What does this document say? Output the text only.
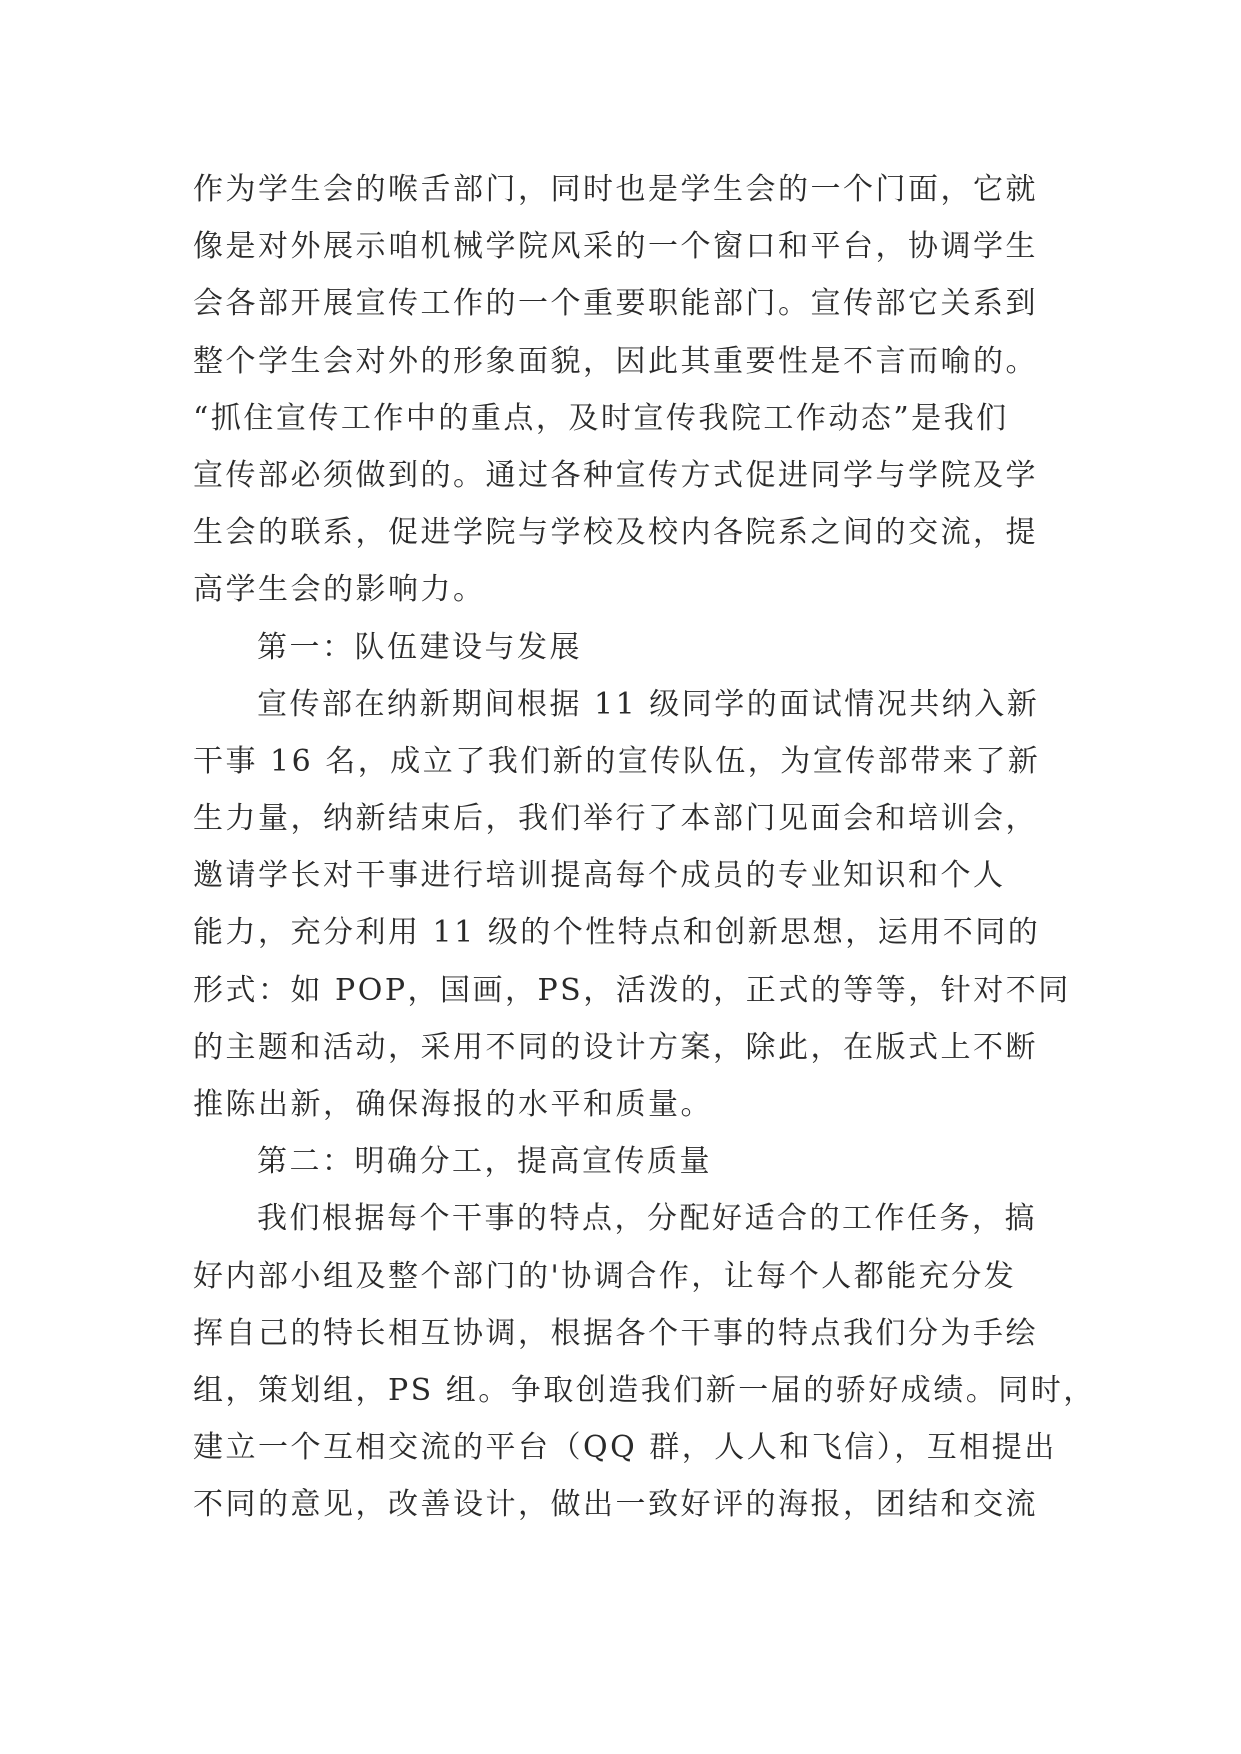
作为学生会的喉舌部门，同时也是学生会的一个门面，它就
像是对外展示咱机械学院风采的一个窗口和平台，协调学生
会各部开展宣传工作的一个重要职能部门。宣传部它关系到
整个学生会对外的形象面貌，因此其重要性是不言而喻的。
“抓住宣传工作中的重点，及时宣传我院工作动态”是我们
宣传部必须做到的。通过各种宣传方式促进同学与学院及学
生会的联系，促进学院与学校及校内各院系之间的交流，提
高学生会的影响力。
第一：队伍建设与发展
宣传部在纳新期间根据 11 级同学的面试情况共纳入新
干事 16 名，成立了我们新的宣传队伍，为宣传部带来了新
生力量，纳新结束后，我们举行了本部门见面会和培训会，
邀请学长对干事进行培训提高每个成员的专业知识和个人
能力，充分利用 11 级的个性特点和创新思想，运用不同的
形式：如 POP，国画，PS，活泼的，正式的等等，针对不同
的主题和活动，采用不同的设计方案，除此，在版式上不断
推陈出新，确保海报的水平和质量。
第二：明确分工，提高宣传质量
我们根据每个干事的特点，分配好适合的工作任务，搞
好内部小组及整个部门的'协调合作，让每个人都能充分发
挥自己的特长相互协调，根据各个干事的特点我们分为手绘
组，策划组，PS 组。争取创造我们新一届的骄好成绩。同时，
建立一个互相交流的平台（QQ 群，人人和飞信），互相提出
不同的意见，改善设计，做出一致好评的海报，团结和交流
